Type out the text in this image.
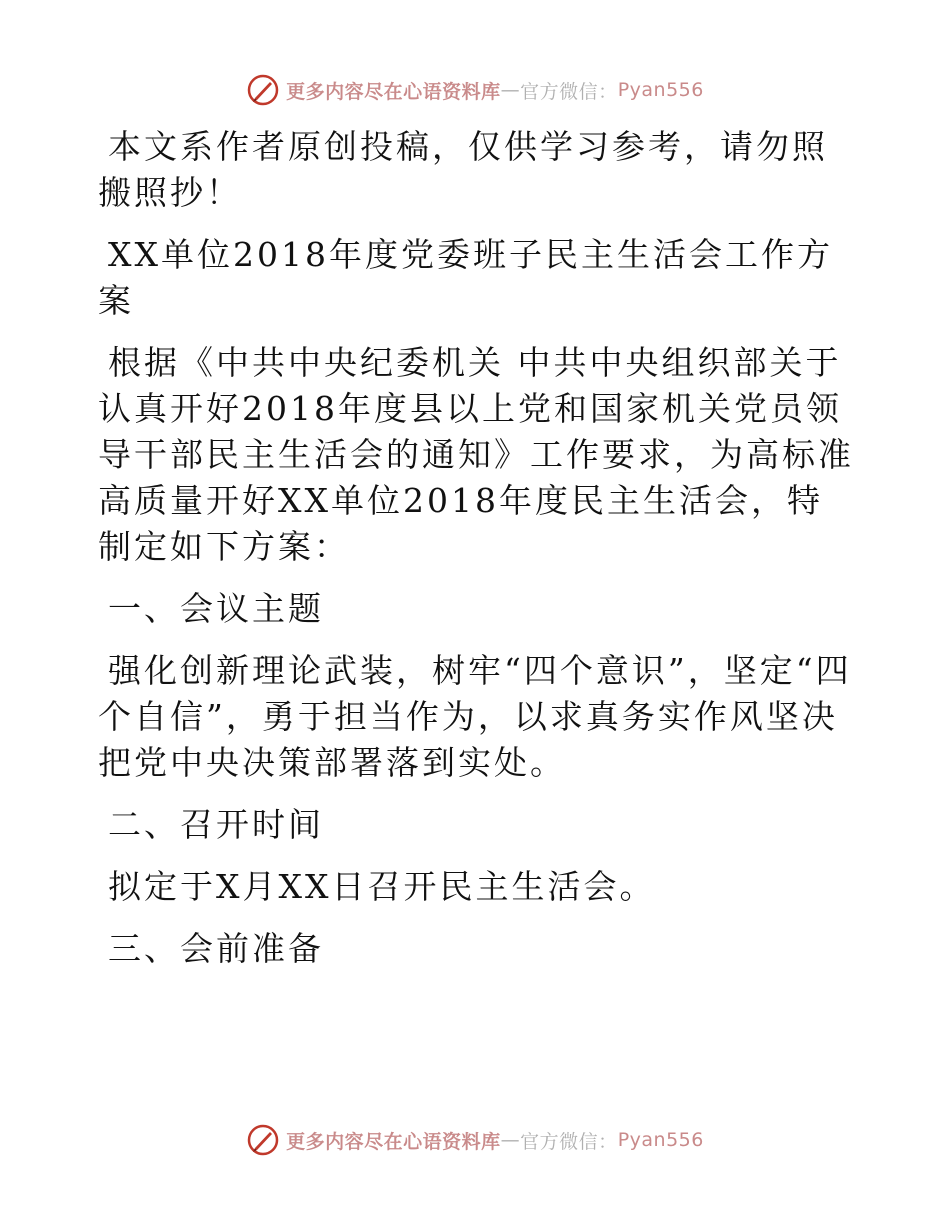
更多内容尽在心语资料库 — 官方微信： Pyan556

本文系作者原创投稿，仅供学习参考，请勿照搬照抄！

XX单位2018年度党委班子民主生活会工作方案

根据《中共中央纪委机关 中共中央组织部关于认真开好2018年度县以上党和国家机关党员领导干部民主生活会的通知》工作要求，为高标准高质量开好XX单位2018年度民主生活会，特制定如下方案：

一、会议主题

强化创新理论武装，树牢“四个意识”，坚定“四个自信”，勇于担当作为，以求真务实作风坚决把党中央决策部署落到实处。

二、召开时间

拟定于X月XX日召开民主生活会。

三、会前准备

更多内容尽在心语资料库 — 官方微信： Pyan556
